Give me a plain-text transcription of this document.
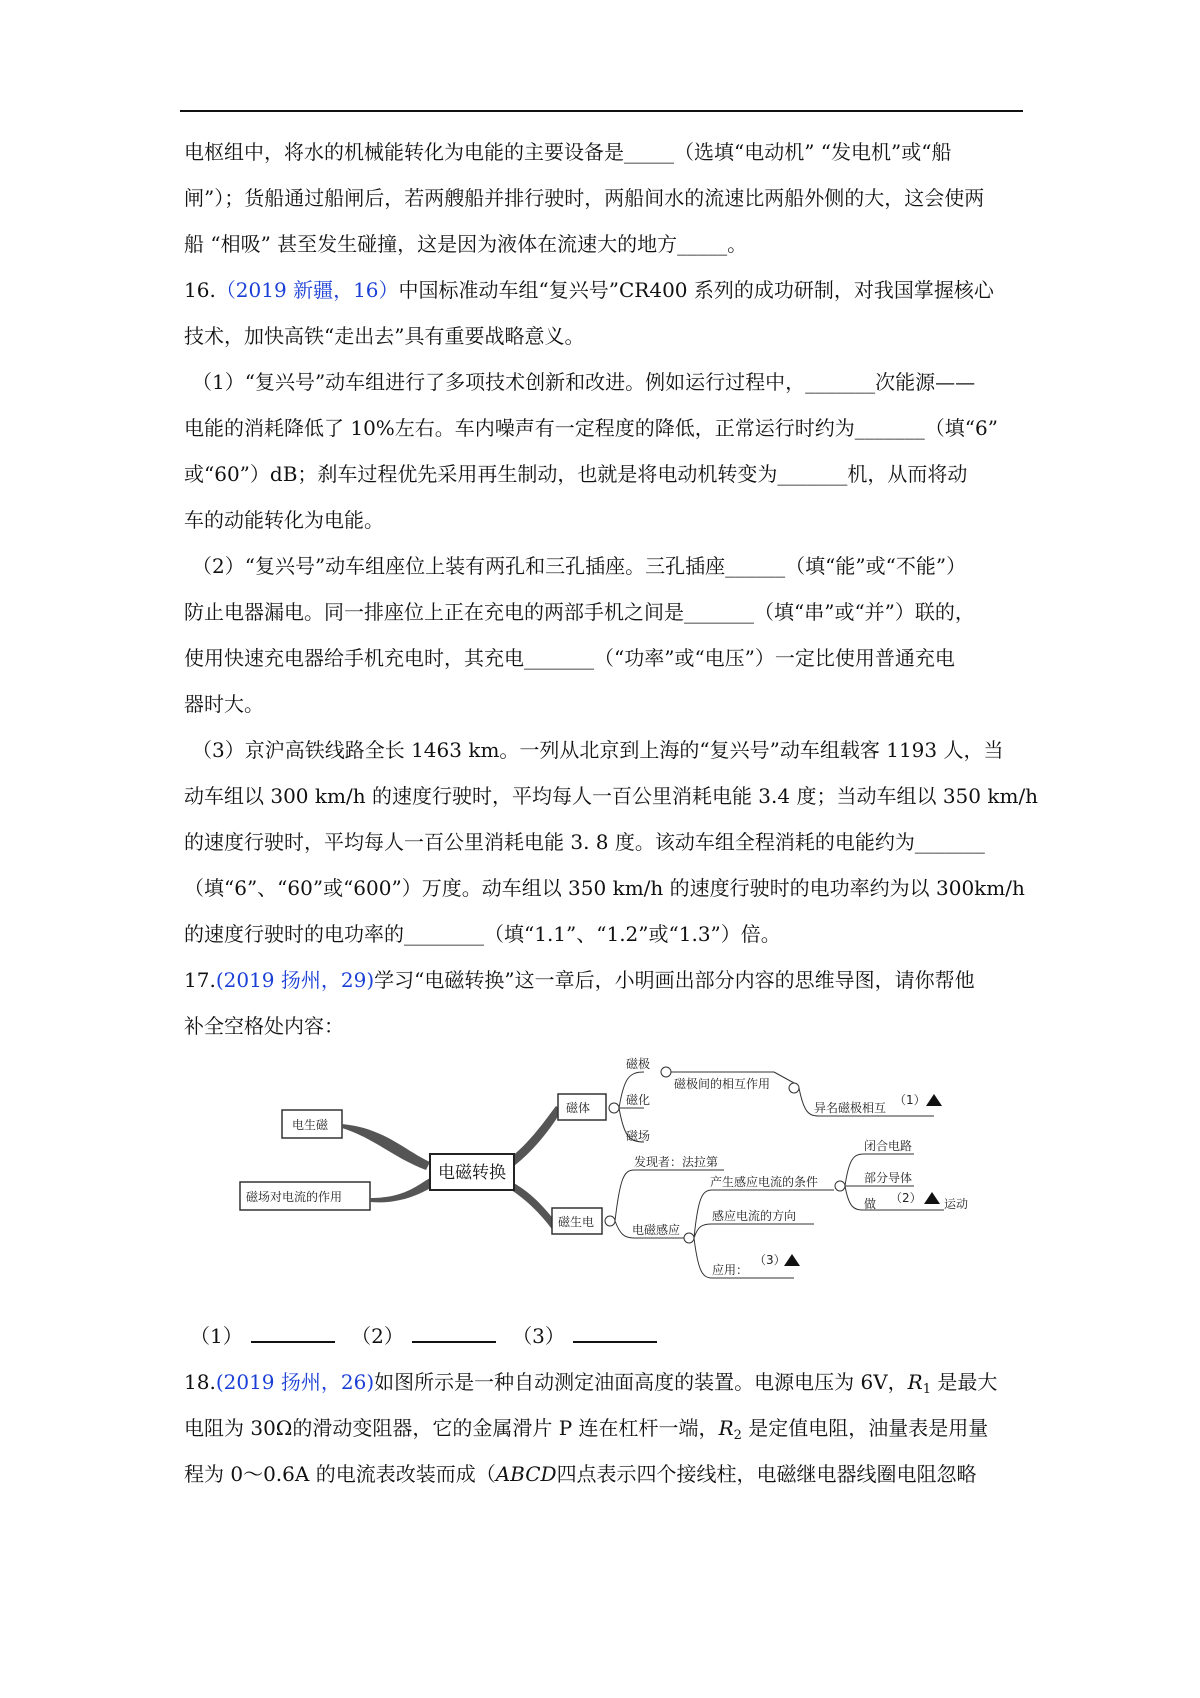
电枢组中，将水的机械能转化为电能的主要设备是_____（选填“电动机” “发电机”或“船
闸”）；货船通过船闸后，若两艘船并排行驶时，两船间水的流速比两船外侧的大，这会使两
船 “相吸” 甚至发生碰撞，这是因为液体在流速大的地方_____。
16.（2019 新疆，16）中国标准动车组“复兴号”CR400 系列的成功研制，对我国掌握核心
技术，加快高铁“走出去”具有重要战略意义。
（1）“复兴号”动车组进行了多项技术创新和改进。例如运行过程中，_______次能源——
电能的消耗降低了 10%左右。车内噪声有一定程度的降低，正常运行时约为_______（填“6”
或“60”）dB；刹车过程优先采用再生制动，也就是将电动机转变为_______机，从而将动
车的动能转化为电能。
（2）“复兴号”动车组座位上装有两孔和三孔插座。三孔插座______（填“能”或“不能”）
防止电器漏电。同一排座位上正在充电的两部手机之间是_______（填“串”或“并”）联的，
使用快速充电器给手机充电时，其充电_______（“功率”或“电压”）一定比使用普通充电
器时大。
（3）京沪高铁线路全长 1463 km。一列从北京到上海的“复兴号”动车组载客 1193 人，当
动车组以 300 km/h 的速度行驶时，平均每人一百公里消耗电能 3.4 度；当动车组以 350 km/h
的速度行驶时，平均每人一百公里消耗电能 3. 8 度。该动车组全程消耗的电能约为_______
（填“6”、“60”或“600”）万度。动车组以 350 km/h 的速度行驶时的电功率约为以 300km/h
的速度行驶时的电功率的________（填“1.1”、“1.2”或“1.3”）倍。
17.(2019 扬州，29)学习“电磁转换”这一章后，小明画出部分内容的思维导图，请你帮他
补全空格处内容：
电生磁
磁场对电流的作用
电磁转换
磁体
磁极
磁化
磁场
磁极间的相互作用
异名磁极相互
（1）
磁生电
发现者：法拉第
电磁感应
产生感应电流的条件
闭合电路
部分导体
做 （2） 运动
感应电流的方向
应用：
（3）
（1）	（2）	（3）
18.(2019 扬州，26)如图所示是一种自动测定油面高度的装置。电源电压为 6V，$R_1$ 是最大
电阻为 30Ω的滑动变阻器，它的金属滑片 P 连在杠杆一端，$R_2$ 是定值电阻，油量表是用量
程为 0～0.6A 的电流表改装而成（ABCD四点表示四个接线柱，电磁继电器线圈电阻忽略
